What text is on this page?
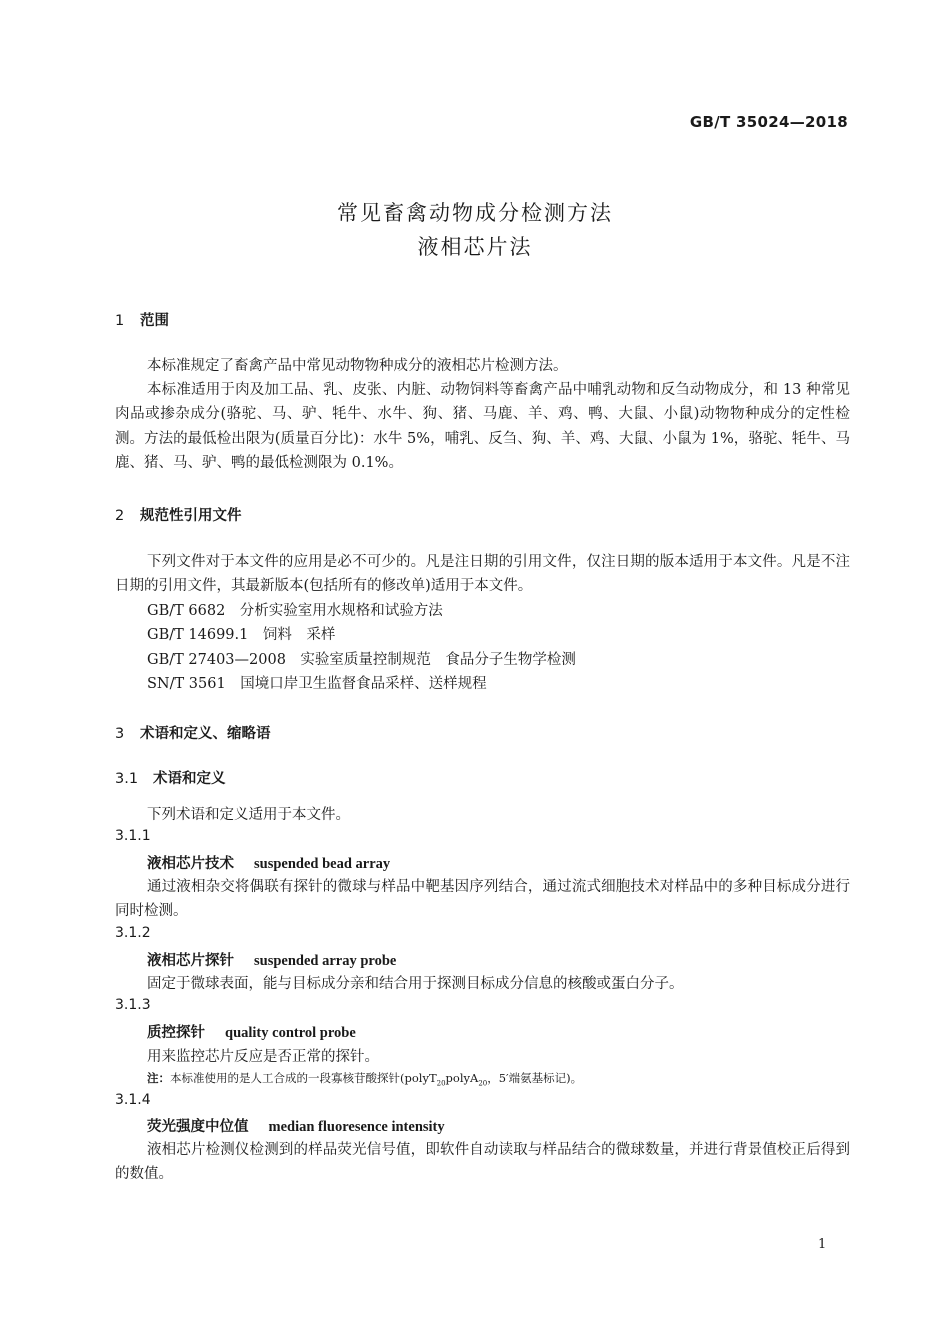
GB/T 35024—2018
常见畜禽动物成分检测方法
液相芯片法
1 范围
本标准规定了畜禽产品中常见动物物种成分的液相芯片检测方法。
本标准适用于肉及加工品、乳、皮张、内脏、动物饲料等畜禽产品中哺乳动物和反刍动物成分，和 13 种常见肉品或掺杂成分(骆驼、马、驴、牦牛、水牛、狗、猪、马鹿、羊、鸡、鸭、大鼠、小鼠)动物物种成分的定性检测。方法的最低检出限为(质量百分比)：水牛 5%，哺乳、反刍、狗、羊、鸡、大鼠、小鼠为 1%，骆驼、牦牛、马鹿、猪、马、驴、鸭的最低检测限为 0.1%。
2 规范性引用文件
下列文件对于本文件的应用是必不可少的。凡是注日期的引用文件，仅注日期的版本适用于本文件。凡是不注日期的引用文件，其最新版本(包括所有的修改单)适用于本文件。
GB/T 6682　分析实验室用水规格和试验方法
GB/T 14699.1　饲料　采样
GB/T 27403—2008　实验室质量控制规范　食品分子生物学检测
SN/T 3561　国境口岸卫生监督食品采样、送样规程
3 术语和定义、缩略语
3.1 术语和定义
下列术语和定义适用于本文件。
3.1.1
液相芯片技术 suspended bead array
通过液相杂交将偶联有探针的微球与样品中靶基因序列结合，通过流式细胞技术对样品中的多种目标成分进行同时检测。
3.1.2
液相芯片探针 suspended array probe
固定于微球表面，能与目标成分亲和结合用于探测目标成分信息的核酸或蛋白分子。
3.1.3
质控探针 quality control probe
用来监控芯片反应是否正常的探针。
注：本标准使用的是人工合成的一段寡核苷酸探针(polyT$_{20}$polyA$_{20}$，5′端氨基标记)。
3.1.4
荧光强度中位值 median fluoresence intensity
液相芯片检测仪检测到的样品荧光信号值，即软件自动读取与样品结合的微球数量，并进行背景值校正后得到的数值。
1
